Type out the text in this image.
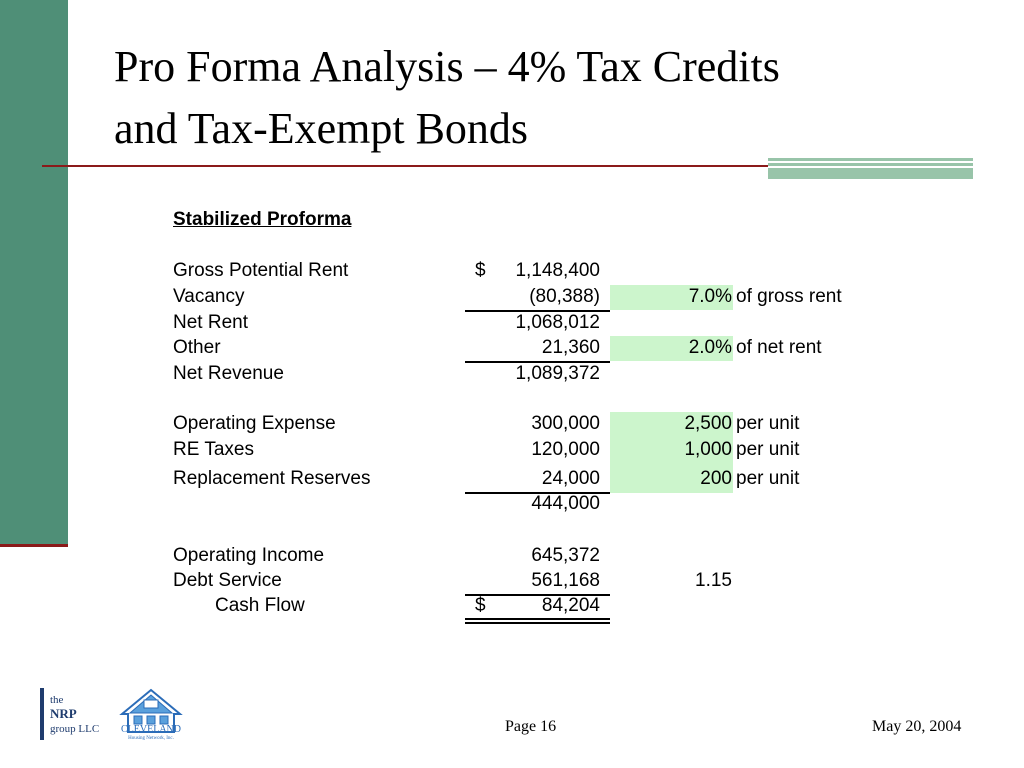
Pro Forma Analysis – 4% Tax Credits
and Tax-Exempt Bonds
Stabilized Proforma
Gross Potential Rent	$ 1,148,400
Vacancy	(80,388)	7.0% of gross rent
Net Rent	1,068,012
Other	21,360	2.0% of net rent
Net Revenue	1,089,372
Operating Expense	300,000	2,500 per unit
RE Taxes	120,000	1,000 per unit
Replacement Reserves	24,000	200 per unit
444,000
Operating Income	645,372
Debt Service	561,168	1.15
Cash Flow	$	84,204
the
NRP
group LLC CLEVELAND
Housing Network, Inc.
Page 16	May 20, 2004
